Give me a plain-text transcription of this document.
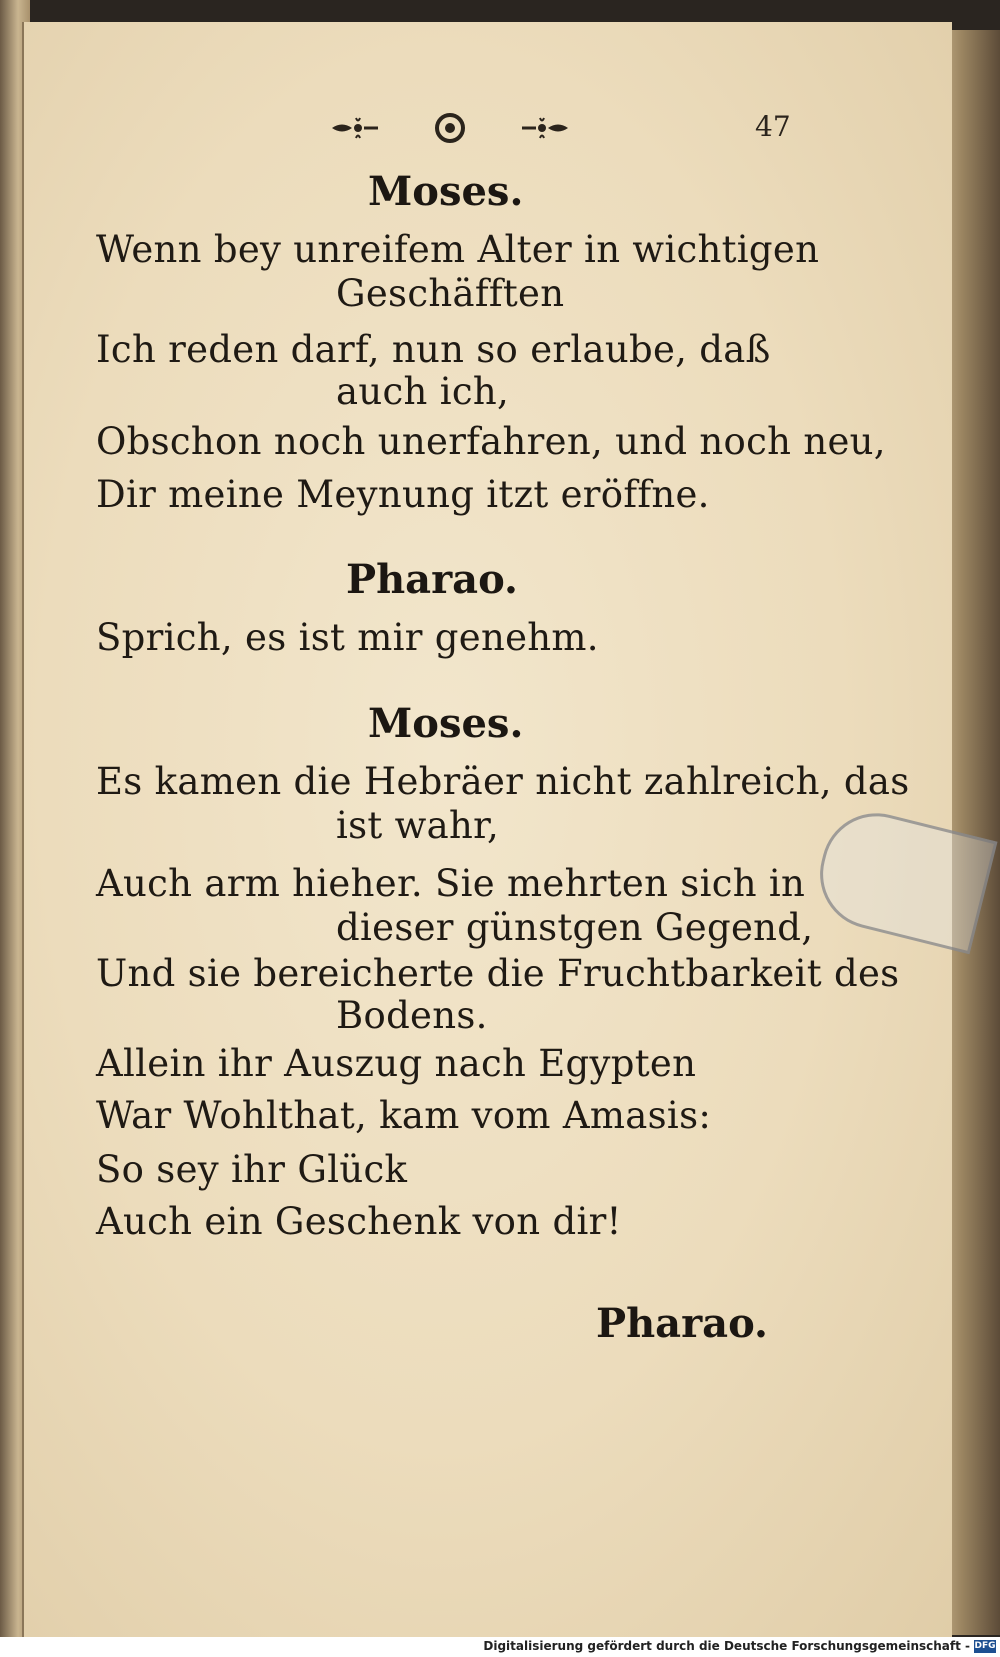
47
Moses.
Wenn bey unreifem Alter in wichtigen
Geschäfften
Ich reden darf, nun so erlaube, daß
auch ich,
Obschon noch unerfahren, und noch neu,
Dir meine Meynung itzt eröffne.
Pharao.
Sprich, es ist mir genehm.
Moses.
Es kamen die Hebräer nicht zahlreich, das
ist wahr,
Auch arm hieher. Sie mehrten sich in
dieser günstgen Gegend,
Und sie bereicherte die Fruchtbarkeit des
Bodens.
Allein ihr Auszug nach Egypten
War Wohlthat, kam vom Amasis:
So sey ihr Glück
Auch ein Geschenk von dir!
Pharao.
Digitalisierung gefördert durch die Deutsche Forschungsgemeinschaft - DFG
